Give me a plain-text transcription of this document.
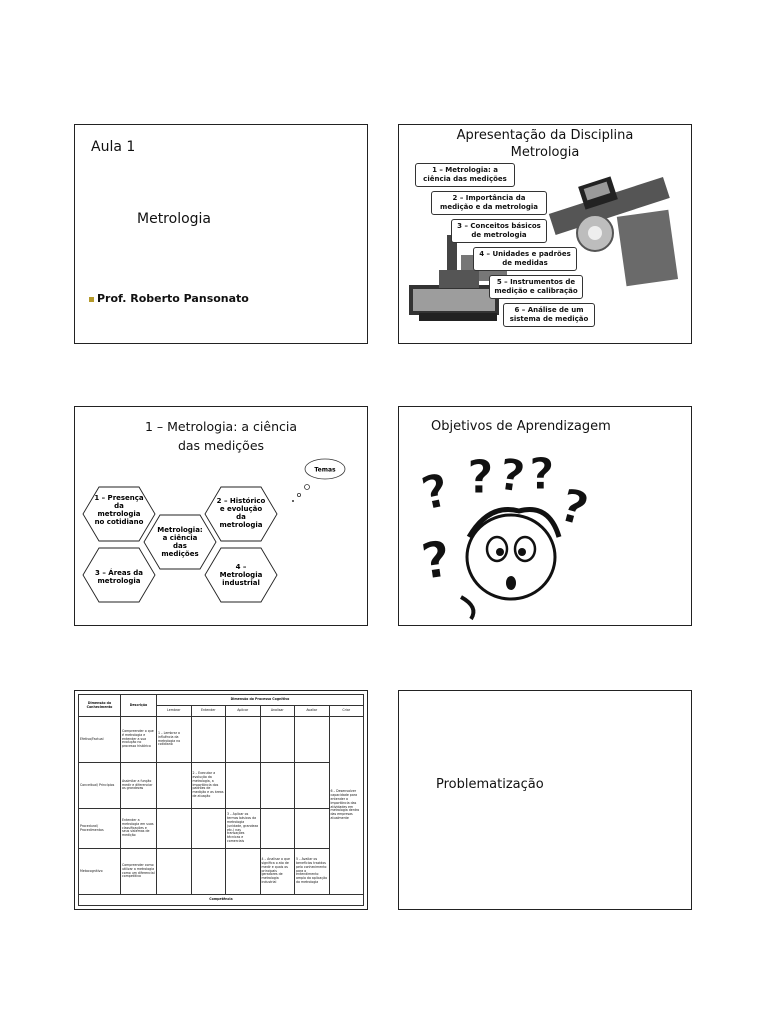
Aula 1
Metrologia
Prof. Roberto Pansonato
Apresentação da Disciplina
Metrologia
1 – Metrologia: a
ciência das medições
2 – Importância da
medição e da metrologia
3 – Conceitos básicos
de metrologia
4 – Unidades e padrões
de medidas
5 – Instrumentos de
medição e calibração
6 – Análise de um
sistema de medição
1 – Metrologia: a ciência
das medições
Temas
1 – Presença
da
metrologia
no cotidiano
2 – Histórico
e evolução
da
metrologia
Metrologia:
a ciência
das
medições
3 – Áreas da
metrologia
4 –
Metrologia
industrial
Objetivos de Aprendizagem
? ? ? ?
?
?
Dimensão do Conhecimento	Descrição	Dimensão do Processo Cognitivo					
		Lembrar	Entender	Aplicar	Analisar	Avaliar	Criar
Efetivo/Factual	Compreender o que é metrologia e entender a sua evolução no processo histórico	1 – Lembrar a influência da metrologia no cotidiano					6 – Desenvolver capacidade para entender a importância das atividades em metrologia dentro das empresas atualmente
Conceitual/ Princípios	Assimilar a função medir e diferenciar as grandezas		2 – Executar a evolução da metrologia, a importância dos padrões de medição e as áreas de atuação				
Procedural/ Procedimentos	Entender a metrologia em suas classificações e seus sistemas de medição			3 – Aplicar os termos básicos da metrologia (unidade, grandeza etc.) nas transações técnicas e comerciais			
Metacognitivo	Compreender como utilizar a metrologia como um diferencial competitivo				4 – Analisar o que significa o ato de medir e quais os principais geradores de metrologia industrial	5 – Avaliar os benefícios trazidos pelo conhecimento para o entendimento amplo da aplicação da metrologia	
Competência							
Problematização
